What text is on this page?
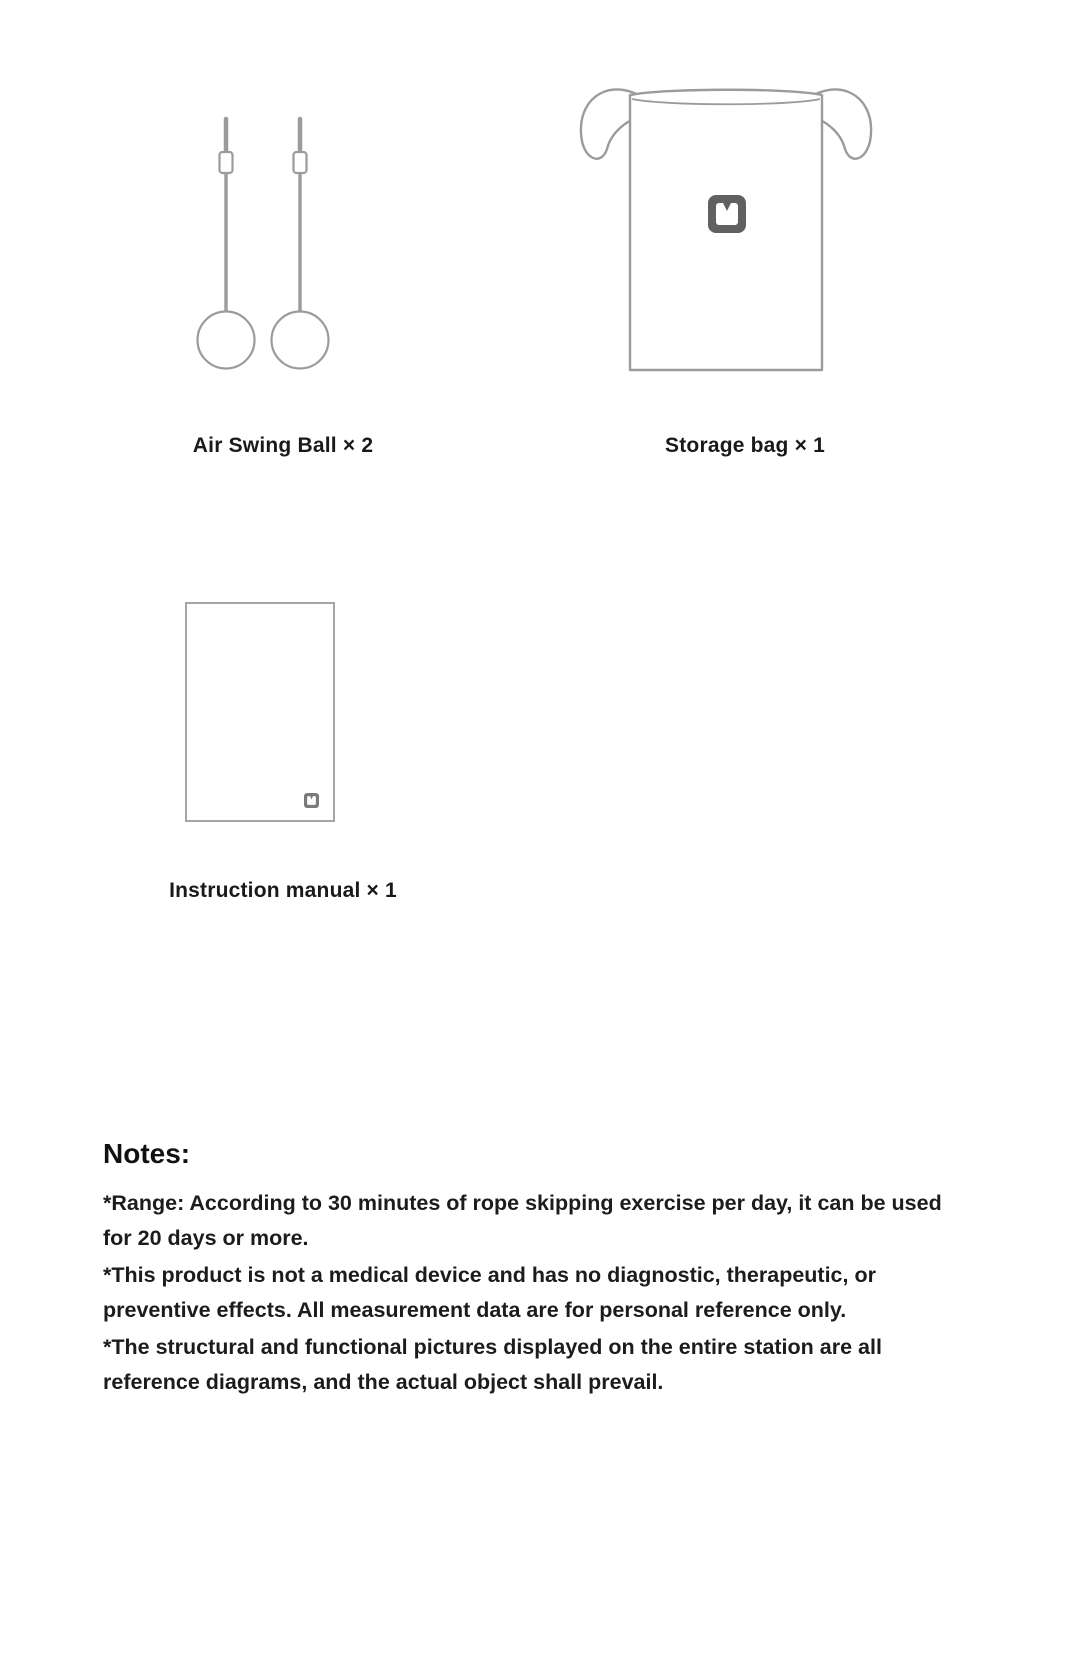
Air Swing Ball × 2	Storage bag × 1
Instruction manual × 1
Notes:

*Range: According to 30 minutes of rope skipping exercise per day, it can be used for 20 days or more.

*This product is not a medical device and has no diagnostic, therapeutic, or preventive effects. All measurement data are for personal reference only.

*The structural and functional pictures displayed on the entire station are all reference diagrams, and the actual object shall prevail.
